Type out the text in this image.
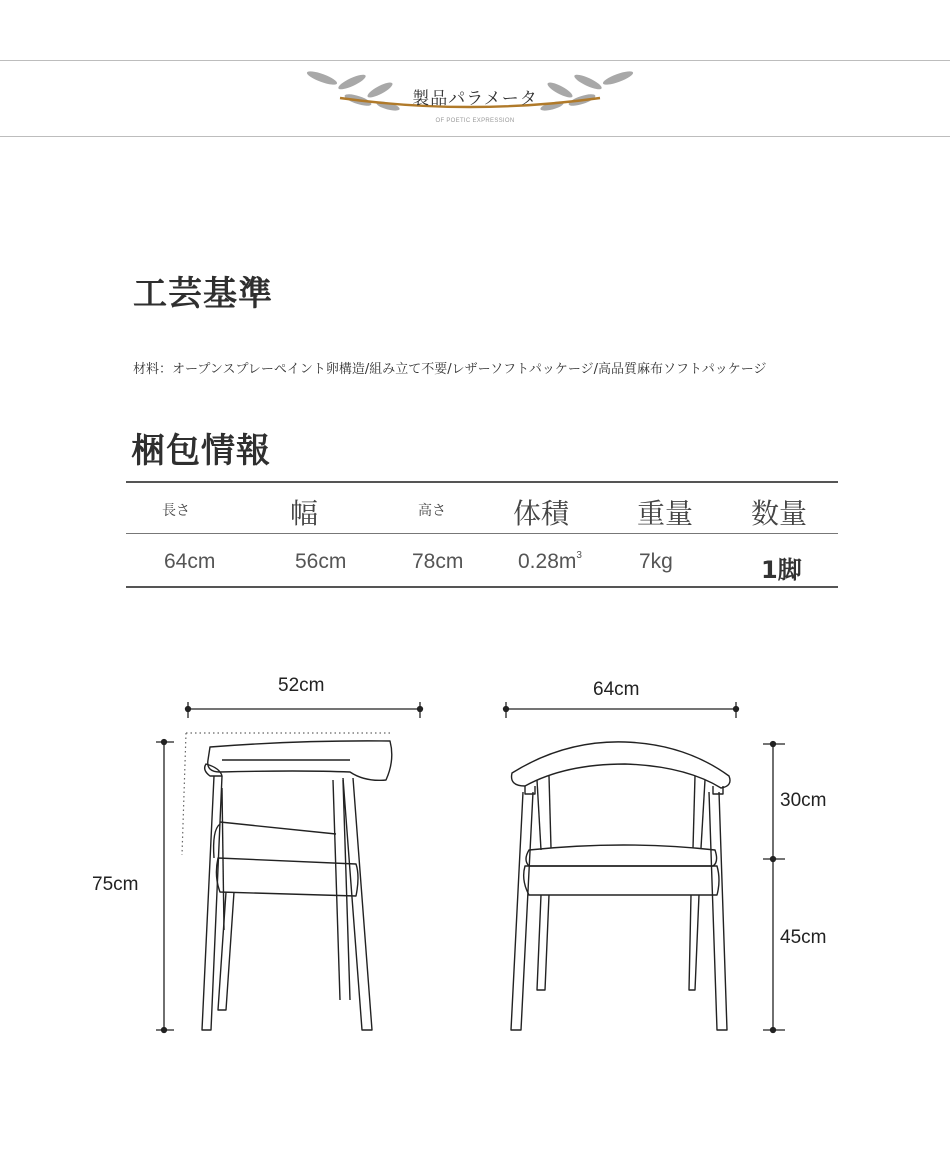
製品パラメータ
OF POETIC EXPRESSION
工芸基準
材料：オープンスプレーペイント卵構造/組み立て不要/レザーソフトパッケージ/高品質麻布ソフトパッケージ
梱包情報
長さ	幅	高さ 体積 重量 数量
64cm	56cm	78cm	$0.28m^3$	7kg	1脚
52cm
75cm
64cm
30cm
45cm
